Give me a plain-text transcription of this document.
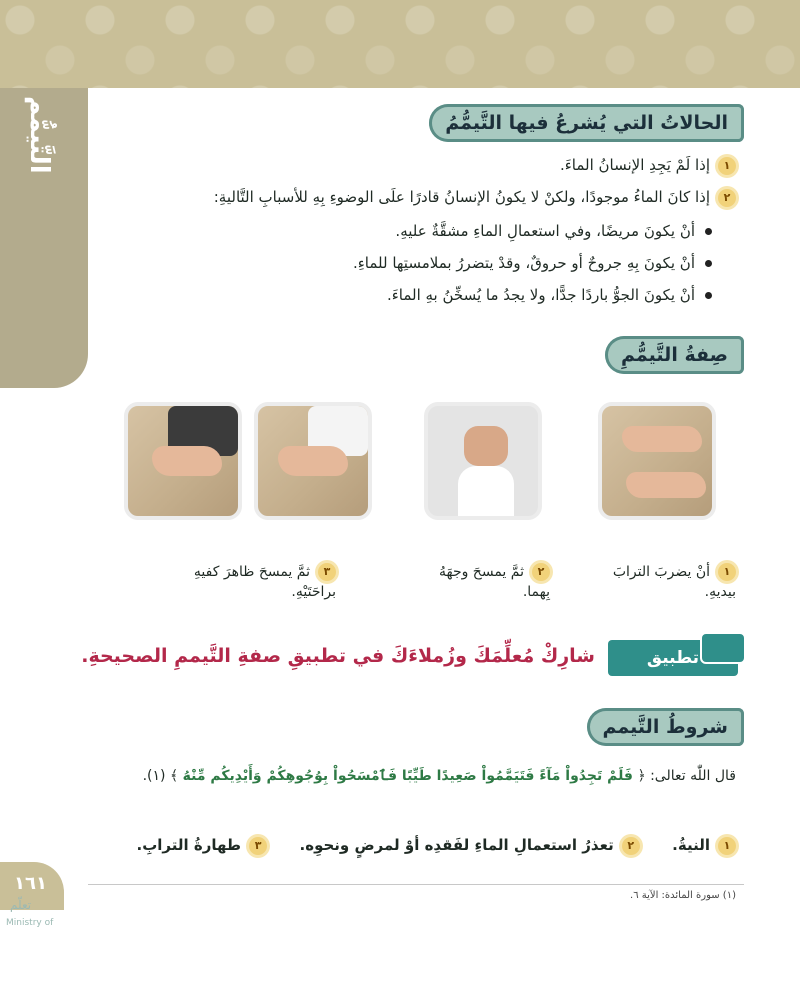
التَّيمُّم	الحالاتُ التي يُشرعُ فيها التَّيمُّمُ
١إذا لَمْ يَجِدِ الإنسانُ الماءَ.
٢إذا كانَ الماءُ موجودًا، ولكنْ لا يكونُ الإنسانُ قادرًا علَى الوضوءِ بِهِ للأسبابِ التَّاليةِ:
أنْ يكونَ مريضًا، وفي استعمالِ الماءِ مشقَّةٌ عليهِ.
أنْ يكونَ بِهِ جروحٌ أو حروقٌ، وقدْ يتضررُ بملامستِها للماءِ.
أنْ يكونَ الجوُّ باردًا جدًّا، ولا يجدُ ما يُسخِّنُ بهِ الماءَ.
صِفةُ التَّيمُّمِ
١أنْ يضربَ الترابَ
بيديهِ.
٢ثمَّ يمسحَ وجهَهُ
بِهما.
٣ثمَّ يمسحَ ظاهرَ كفيهِ
براحَتَيْهِ.
تطبيق
شارِكْ مُعلِّمَكَ وزُملاءَكَ في تطبيقِ صفةِ التَّيممِ الصحيحةِ.
شروطُ التَّيمم
قال اللّٰه تعالى: ﴿ فَلَمْ تَجِدُواْ مَآءً فَتَيَمَّمُواْ صَعِيدًا طَيِّبًا فَٱمْسَحُواْ بِوُجُوهِكُمْ وَأَيْدِيكُم مِّنْهُ ﴾ (١).
١النيةُ.  ٢تعذرُ استعمالِ الماءِ لفَقدِه أوْ لمرضٍ ونحوِه.  ٣طهارةُ الترابِ.
(١) سورة المائدة: الآية ٦.
١٦١
تعلّم
Ministry of
